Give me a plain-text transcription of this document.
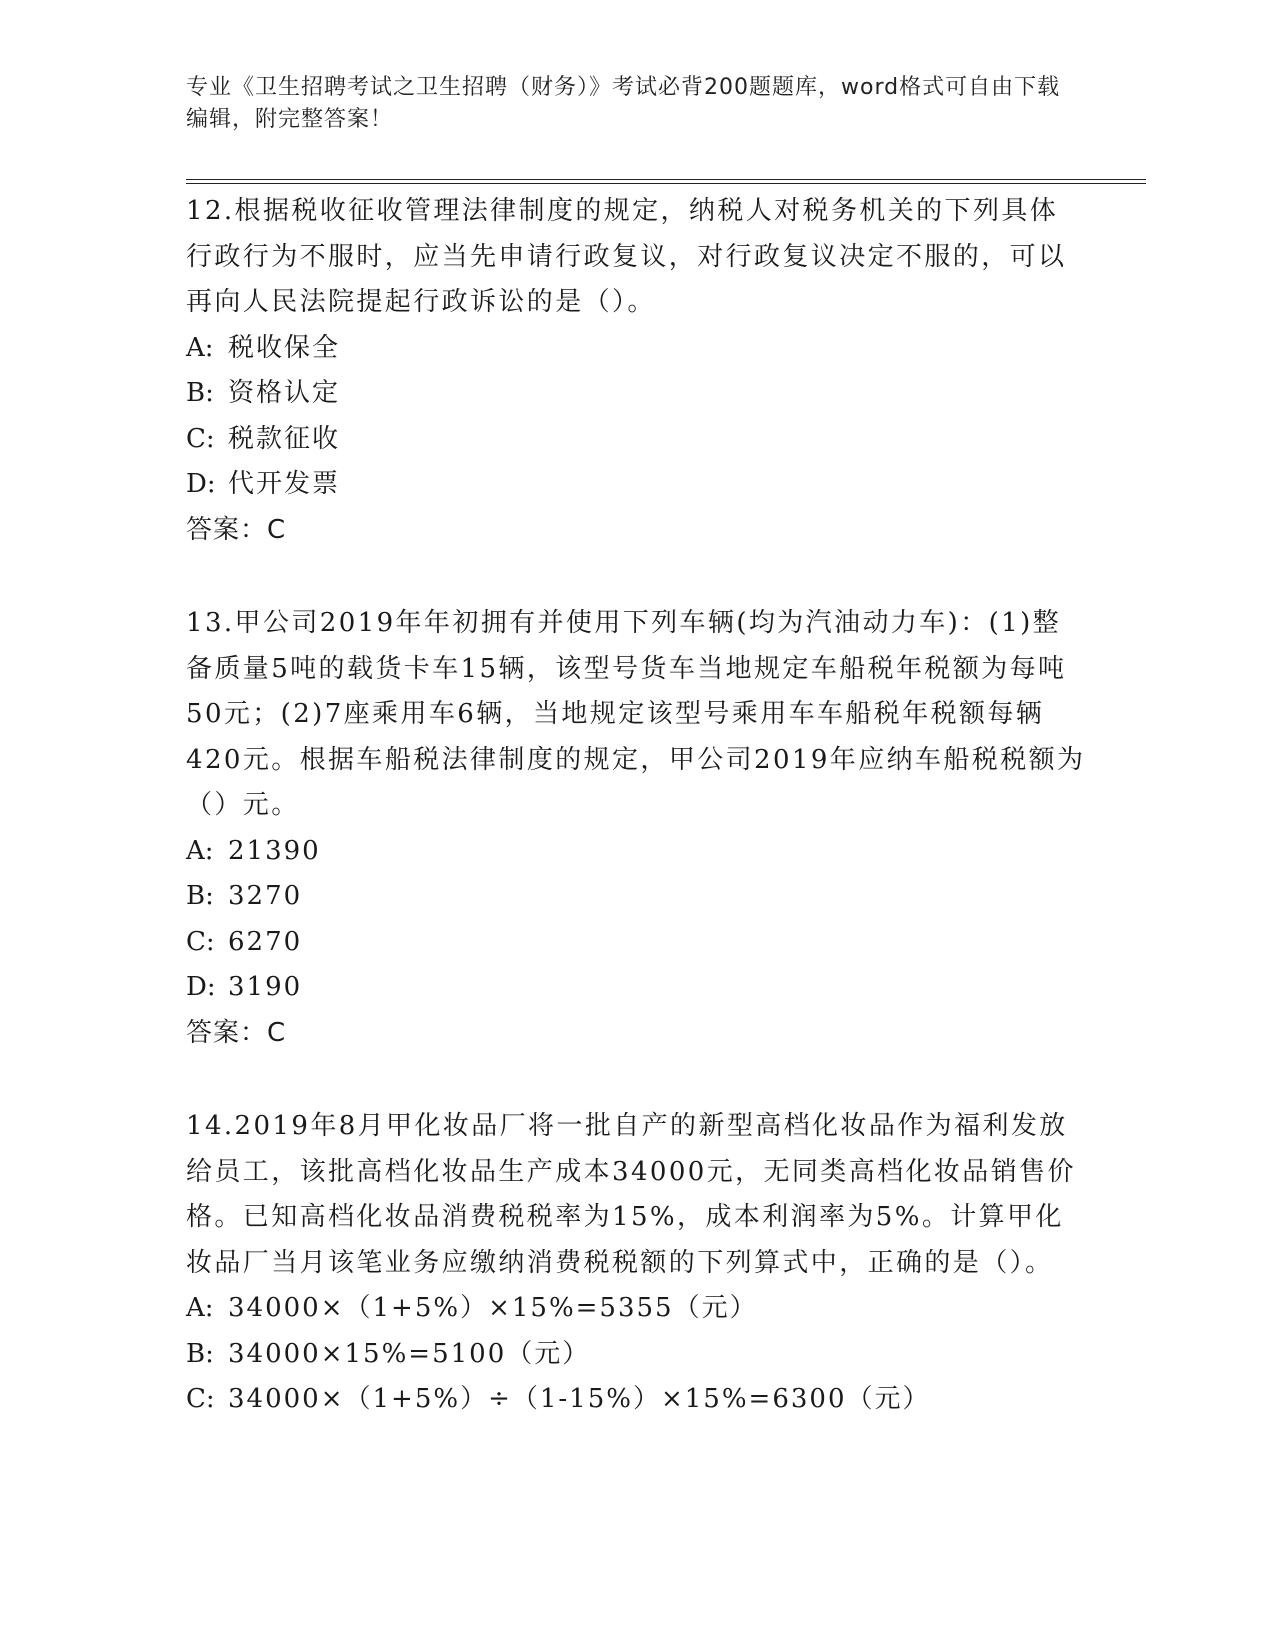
专业《卫生招聘考试之卫生招聘（财务）》考试必背200题题库，word格式可自由下载编辑，附完整答案！

12.根据税收征收管理法律制度的规定，纳税人对税务机关的下列具体行政行为不服时，应当先申请行政复议，对行政复议决定不服的，可以再向人民法院提起行政诉讼的是（）。

A: 税收保全

B: 资格认定

C: 税款征收

D: 代开发票

答案：C

13.甲公司2019年年初拥有并使用下列车辆(均为汽油动力车)：(1)整备质量5吨的载货卡车15辆，该型号货车当地规定车船税年税额为每吨50元；(2)7座乘用车6辆，当地规定该型号乘用车车船税年税额每辆420元。根据车船税法律制度的规定，甲公司2019年应纳车船税税额为（）元。

A: 21390

B: 3270

C: 6270

D: 3190

答案：C

14.2019年8月甲化妆品厂将一批自产的新型高档化妆品作为福利发放给员工，该批高档化妆品生产成本34000元，无同类高档化妆品销售价格。已知高档化妆品消费税税率为15%，成本利润率为5%。计算甲化妆品厂当月该笔业务应缴纳消费税税额的下列算式中，正确的是（）。

A: 34000×（1+5%）×15%=5355（元）

B: 34000×15%=5100（元）

C: 34000×（1+5%）÷（1-15%）×15%=6300（元）
